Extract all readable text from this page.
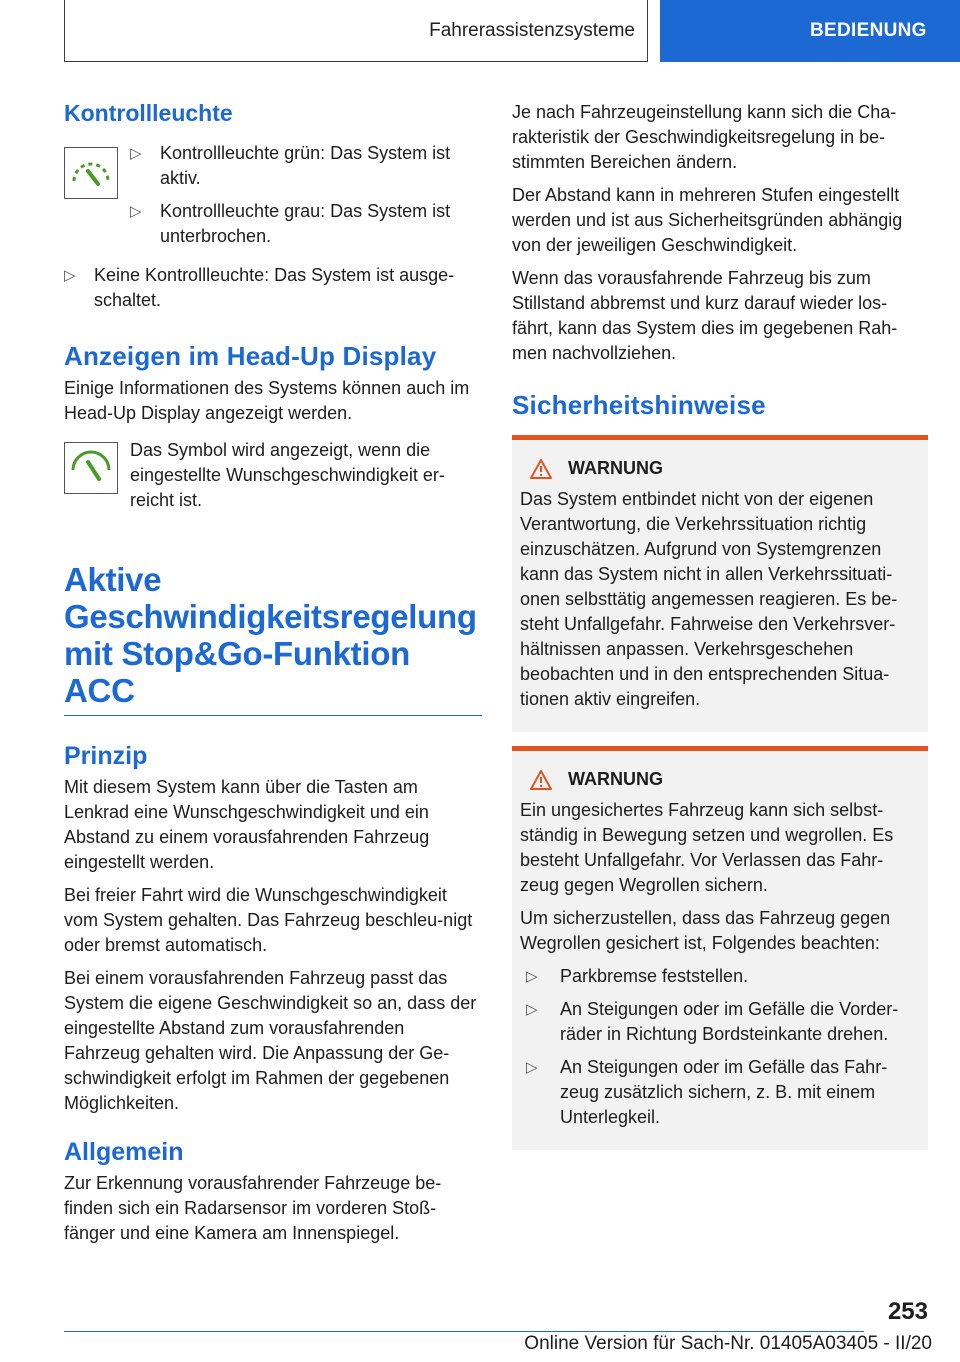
Fahrerassistenzsysteme	BEDIENUNG
Kontrollleuchte
▷	Kontrollleuchte grün: Das System ist aktiv.
▷	Kontrollleuchte grau: Das System ist unterbrochen.
▷	Keine Kontrollleuchte: Das System ist ausge-schaltet.
Anzeigen im Head-Up Display

Einige Informationen des Systems können auch im Head-Up Display angezeigt werden.

Das Symbol wird angezeigt, wenn die eingestellte Wunschgeschwindigkeit er-reicht ist.

Aktive Geschwindigkeitsregelung mit Stop&Go-Funktion ACC
Prinzip

Mit diesem System kann über die Tasten am Lenkrad eine Wunschgeschwindigkeit und ein Abstand zu einem vorausfahrenden Fahrzeug eingestellt werden.

Bei freier Fahrt wird die Wunschgeschwindigkeit vom System gehalten. Das Fahrzeug beschleu-nigt oder bremst automatisch.

Bei einem vorausfahrenden Fahrzeug passt das System die eigene Geschwindigkeit so an, dass der eingestellte Abstand zum vorausfahrenden Fahrzeug gehalten wird. Die Anpassung der Ge-schwindigkeit erfolgt im Rahmen der gegebenen Möglichkeiten.

Allgemein

Zur Erkennung vorausfahrender Fahrzeuge be-finden sich ein Radarsensor im vorderen Stoß-fänger und eine Kamera am Innenspiegel.

Je nach Fahrzeugeinstellung kann sich die Cha-rakteristik der Geschwindigkeitsregelung in be-stimmten Bereichen ändern.

Der Abstand kann in mehreren Stufen eingestellt werden und ist aus Sicherheitsgründen abhängig von der jeweiligen Geschwindigkeit.

Wenn das vorausfahrende Fahrzeug bis zum Stillstand abbremst und kurz darauf wieder los-fährt, kann das System dies im gegebenen Rah-men nachvollziehen.

Sicherheitshinweise
WARNUNG

Das System entbindet nicht von der eigenen Verantwortung, die Verkehrssituation richtig einzuschätzen. Aufgrund von Systemgrenzen kann das System nicht in allen Verkehrssituati-onen selbsttätig angemessen reagieren. Es be-steht Unfallgefahr. Fahrweise den Verkehrsver-hältnissen anpassen. Verkehrsgeschehen beobachten und in den entsprechenden Situa-tionen aktiv eingreifen.

WARNUNG

Ein ungesichertes Fahrzeug kann sich selbst-ständig in Bewegung setzen und wegrollen. Es besteht Unfallgefahr. Vor Verlassen das Fahr-zeug gegen Wegrollen sichern.

Um sicherzustellen, dass das Fahrzeug gegen Wegrollen gesichert ist, Folgendes beachten:

▷	Parkbremse feststellen.
▷	An Steigungen oder im Gefälle die Vorder-räder in Richtung Bordsteinkante drehen.
▷	An Steigungen oder im Gefälle das Fahr-zeug zusätzlich sichern, z. B. mit einem Unterlegkeil.
253
Online Version für Sach-Nr. 01405A03405 - II/20
